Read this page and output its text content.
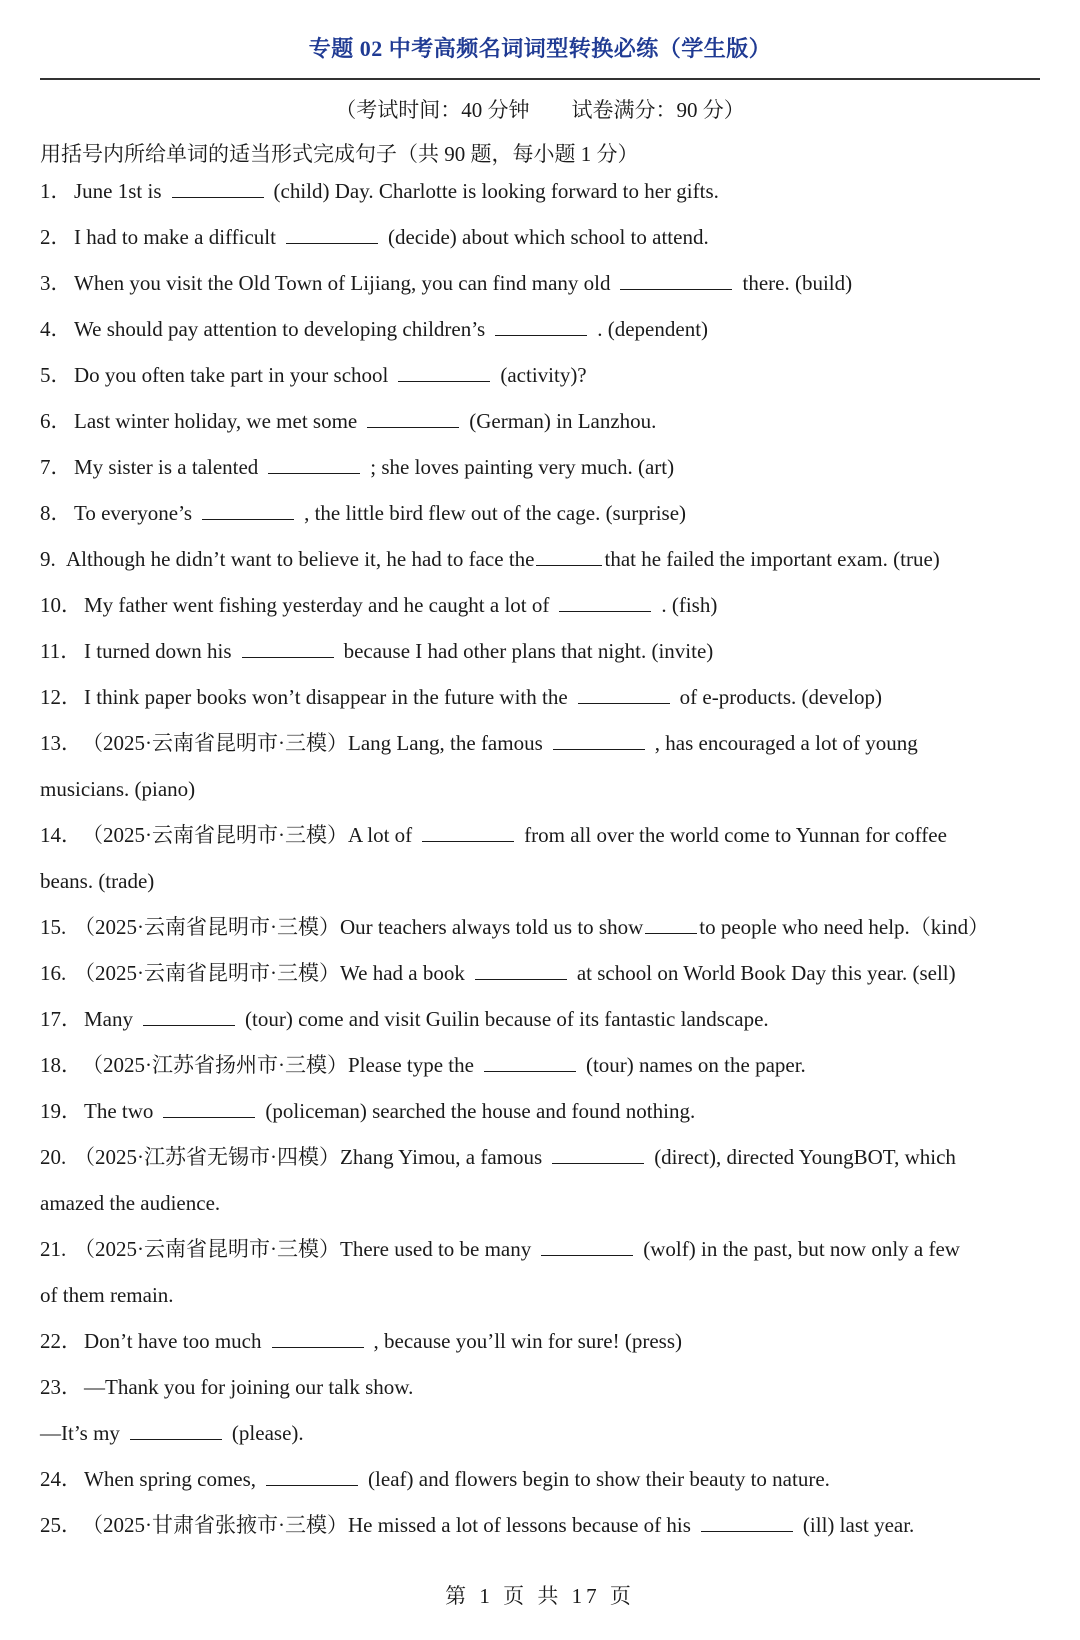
专题 02 中考高频名词词型转换必练（学生版）
（考试时间：40 分钟 试卷满分：90 分）
用括号内所给单词的适当形式完成句子（共 90 题，每小题 1 分）
1． June 1st is	(child) Day. Charlotte is looking forward to her gifts.
2． I had to make a difficult	(decide) about which school to attend.
3． When you visit the Old Town of Lijiang, you can find many old	there. (build)
4． We should pay attention to developing children’s	. (dependent)
5． Do you often take part in your school	(activity)?
6． Last winter holiday, we met some	(German) in Lanzhou.
7． My sister is a talented	; she loves painting very much. (art)
8． To everyone’s	, the little bird flew out of the cage. (surprise)
9. Although he didn’t want to believe it, he had to face the	that he failed the important exam. (true)
10．My father went fishing yesterday and he caught a lot of	. (fish)
11． I turned down his	because I had other plans that night. (invite)
12．I think paper books won’t disappear in the future with the	of e-products. (develop)
13．（2025·云南省昆明市·三模）Lang Lang, the famous	, has encouraged a lot of young
musicians. (piano)
14．（2025·云南省昆明市·三模）A lot of	from all over the world come to Yunnan for coffee
beans. (trade)
15. （2025·云南省昆明市·三模）Our teachers always told us to show	to people who need help.（kind）
16. （2025·云南省昆明市·三模）We had a book	at school on World Book Day this year. (sell)
17．Many	(tour) come and visit Guilin because of its fantastic landscape.
18．（2025·江苏省扬州市·三模）Please type the	(tour) names on the paper.
19．The two	(policeman) searched the house and found nothing.
20. （2025·江苏省无锡市·四模）Zhang Yimou, a famous	(direct), directed YoungBOT, which
amazed the audience.
21. （2025·云南省昆明市·三模）There used to be many	(wolf) in the past, but now only a few
of them remain.
22．Don’t have too much	, because you’ll win for sure! (press)
23．—Thank you for joining our talk show.
—It’s my	(please).
24．When spring comes,	(leaf) and flowers begin to show their beauty to nature.
25．（2025·甘肃省张掖市·三模）He missed a lot of lessons because of his	(ill) last year.
第 1 页 共 17 页
